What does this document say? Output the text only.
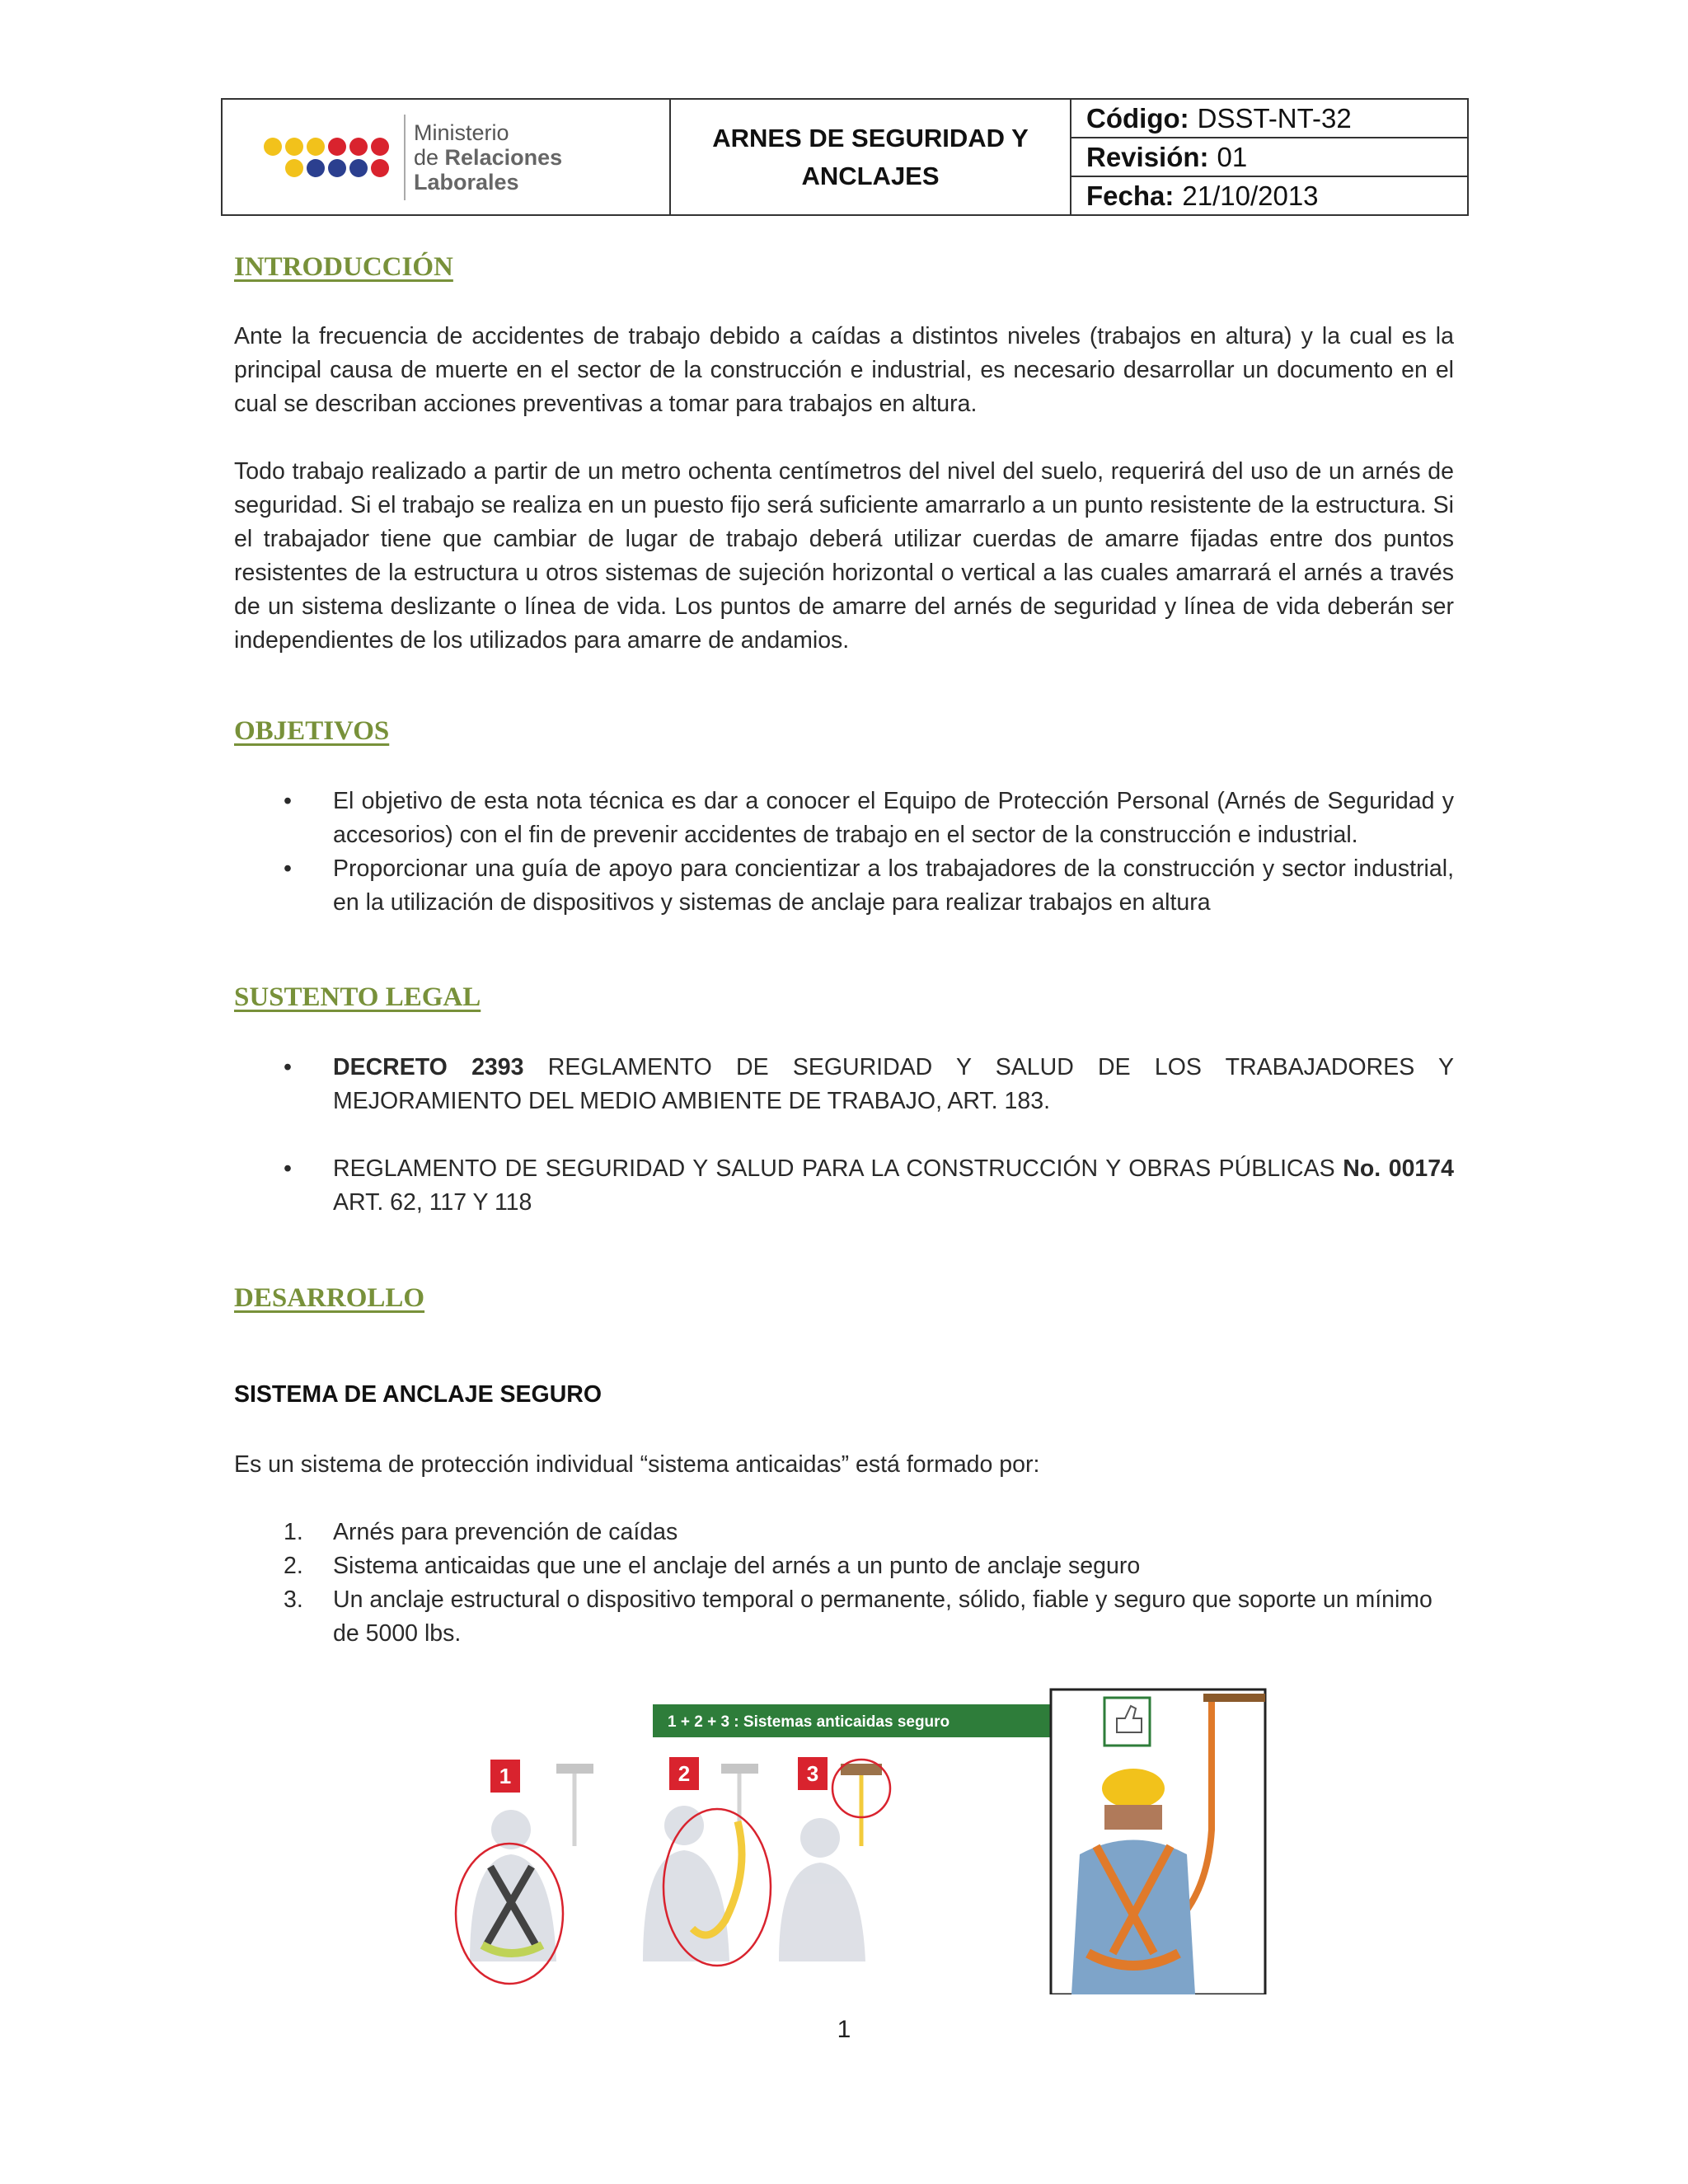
Ministerio
de Relaciones
Laborales
ARNES DE SEGURIDAD Y
ANCLAJES
Código: DSST-NT-32
Revisión: 01
Fecha: 21/10/2013
INTRODUCCIÓN
Ante la frecuencia de accidentes de trabajo debido a caídas a distintos niveles (trabajos en altura) y la cual es la principal causa de muerte en el sector de la construcción e industrial, es necesario desarrollar un documento en el cual se describan acciones preventivas a tomar para trabajos en altura.
Todo trabajo realizado a partir de un metro ochenta centímetros del nivel del suelo, requerirá del uso de un arnés de seguridad. Si el trabajo se realiza en un puesto fijo será suficiente amarrarlo a un punto resistente de la estructura. Si el trabajador tiene que cambiar de lugar de trabajo deberá utilizar cuerdas de amarre fijadas entre dos puntos resistentes de la estructura u otros sistemas de sujeción horizontal o vertical a las cuales amarrará el arnés a través de un sistema deslizante o línea de vida. Los puntos de amarre del arnés de seguridad y línea de vida deberán ser independientes de los utilizados para amarre de andamios.
OBJETIVOS
• El objetivo de esta nota técnica es dar a conocer el Equipo de Protección Personal (Arnés de Seguridad y accesorios) con el fin de prevenir accidentes de trabajo en el sector de la construcción e industrial.
• Proporcionar una guía de apoyo para concientizar a los trabajadores de la construcción y sector industrial, en la utilización de dispositivos y sistemas de anclaje para realizar trabajos en altura
SUSTENTO LEGAL
• DECRETO 2393 REGLAMENTO DE SEGURIDAD Y SALUD DE LOS TRABAJADORES Y MEJORAMIENTO DEL MEDIO AMBIENTE DE TRABAJO, ART. 183.
• REGLAMENTO DE SEGURIDAD Y SALUD PARA LA CONSTRUCCIÓN Y OBRAS PÚBLICAS No. 00174 ART. 62, 117 Y 118
DESARROLLO
SISTEMA DE ANCLAJE SEGURO
Es un sistema de protección individual “sistema anticaidas” está formado por:
1. Arnés para prevención de caídas
2. Sistema anticaidas que une el anclaje del arnés a un punto de anclaje seguro
3. Un anclaje estructural o dispositivo temporal o permanente, sólido, fiable y seguro que soporte un mínimo de 5000 lbs.
1 + 2 + 3 : Sistemas anticaidas seguro
1	2	3
1
